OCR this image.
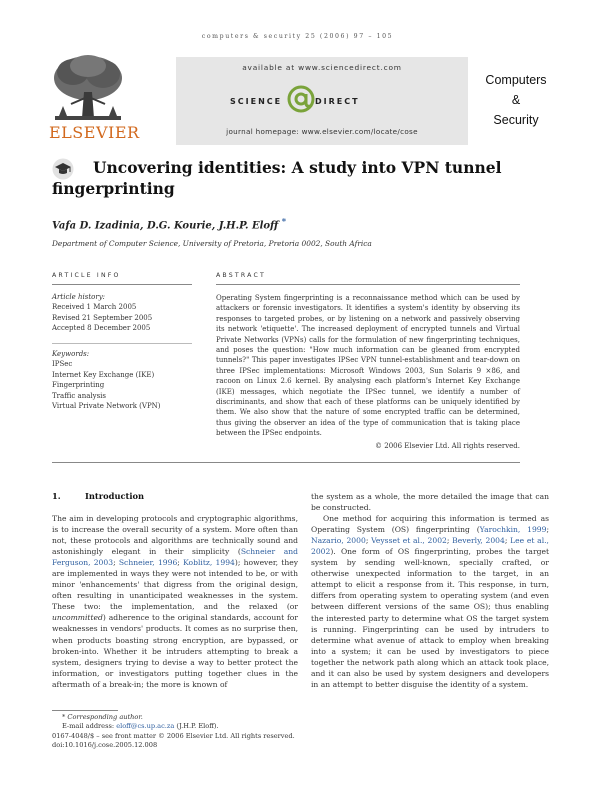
computers & security 25 (2006) 97 – 105
ELSEVIER
available at www.sciencedirect.com
SCIENCE	DIRECT
journal homepage: www.elsevier.com/locate/cose
Computers
&
Security
Uncovering identities: A study into VPN tunnel fingerprinting
Vafa D. Izadinia, D.G. Kourie, J.H.P. Eloff *
Department of Computer Science, University of Pretoria, Pretoria 0002, South Africa
ARTICLE INFO
Article history:
Received 1 March 2005
Revised 21 September 2005
Accepted 8 December 2005
Keywords:
IPSec
Internet Key Exchange (IKE)
Fingerprinting
Traffic analysis
Virtual Private Network (VPN)
ABSTRACT
Operating System fingerprinting is a reconnaissance method which can be used by attackers or forensic investigators. It identifies a system's identity by observing its responses to targeted probes, or by listening on a network and passively observing its network 'etiquette'. The increased deployment of encrypted tunnels and Virtual Private Networks (VPNs) calls for the formulation of new fingerprinting techniques, and poses the question: "How much information can be gleaned from encrypted tunnels?" This paper investigates IPSec VPN tunnel-establishment and tear-down on three IPSec implementations: Microsoft Windows 2003, Sun Solaris 9 ×86, and racoon on Linux 2.6 kernel. By analysing each platform's Internet Key Exchange (IKE) messages, which negotiate the IPSec tunnel, we identify a number of discriminants, and show that each of these platforms can be uniquely identified by them. We also show that the nature of some encrypted traffic can be determined, thus giving the observer an idea of the type of communication that is taking place between the IPSec endpoints.
© 2006 Elsevier Ltd. All rights reserved.
1.	Introduction

The aim in developing protocols and cryptographic algorithms, is to increase the overall security of a system. More often than not, these protocols and algorithms are technically sound and astonishingly elegant in their simplicity (Schneier and Ferguson, 2003; Schneier, 1996; Koblitz, 1994); however, they are implemented in ways they were not intended to be, or with minor 'enhancements' that digress from the original design, often resulting in unanticipated weaknesses in the system. These two: the implementation, and the relaxed (or uncommitted) adherence to the original standards, account for weaknesses in vendors' products. It comes as no surprise then, when products boasting strong encryption, are bypassed, or broken-into. Whether it be intruders attempting to break a system, designers trying to devise a way to better protect the information, or investigators putting together clues in the aftermath of a break-in; the more is known of

the system as a whole, the more detailed the image that can be constructed.

One method for acquiring this information is termed as Operating System (OS) fingerprinting (Yarochkin, 1999; Nazario, 2000; Veysset et al., 2002; Beverly, 2004; Lee et al., 2002). One form of OS fingerprinting, probes the target system by sending well-known, specially crafted, or otherwise unexpected information to the target, in an attempt to elicit a response from it. This response, in turn, differs from operating system to operating system (and even between different versions of the same OS); thus enabling the interested party to determine what OS the target system is running. Fingerprinting can be used by intruders to determine what avenue of attack to employ when breaking into a system; it can be used by investigators to piece together the network path along which an attack took place, and it can also be used by system designers and developers in an attempt to better disguise the identity of a system.

* Corresponding author.
E-mail address: eloff@cs.up.ac.za (J.H.P. Eloff).
0167-4048/$ – see front matter © 2006 Elsevier Ltd. All rights reserved.
doi:10.1016/j.cose.2005.12.008
